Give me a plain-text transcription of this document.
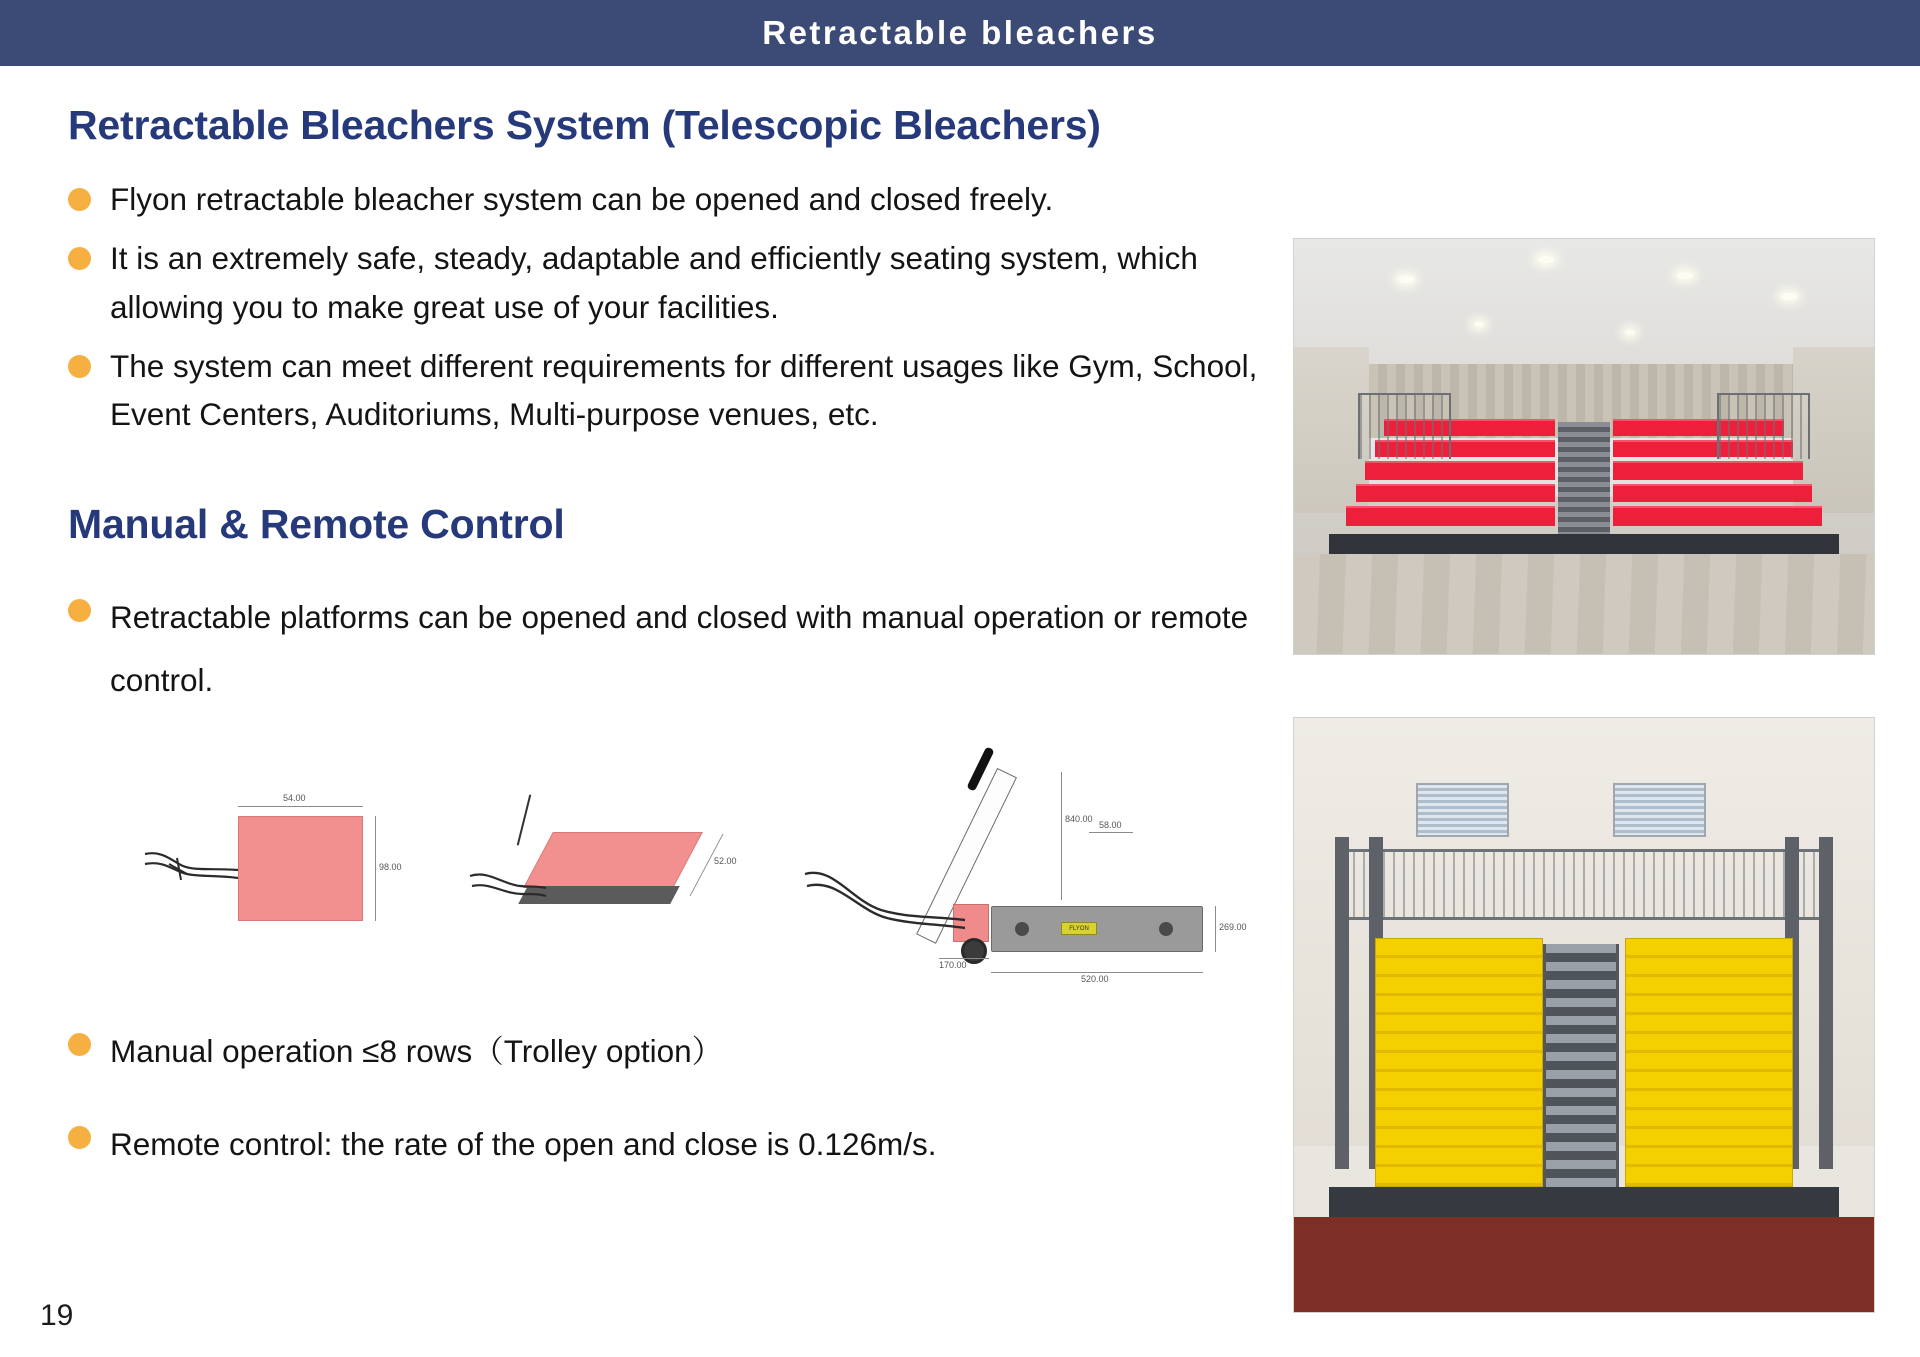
Retractable bleachers
Retractable Bleachers System (Telescopic Bleachers)
Flyon retractable bleacher system can be opened and closed freely.
It is an extremely safe, steady, adaptable and efficiently seating system, which allowing you to make great use of your facilities.
The system can meet different requirements for different usages like Gym, School, Event Centers, Auditoriums, Multi-purpose venues, etc.
Manual & Remote Control
Retractable platforms can be opened and closed with manual operation or remote control.
54.00
98.00
52.00
840.00
58.00
FLYON	269.00
520.00
170.00
Manual operation ≤8 rows（Trolley option）
Remote control: the rate of the open and close is 0.126m/s.
19
